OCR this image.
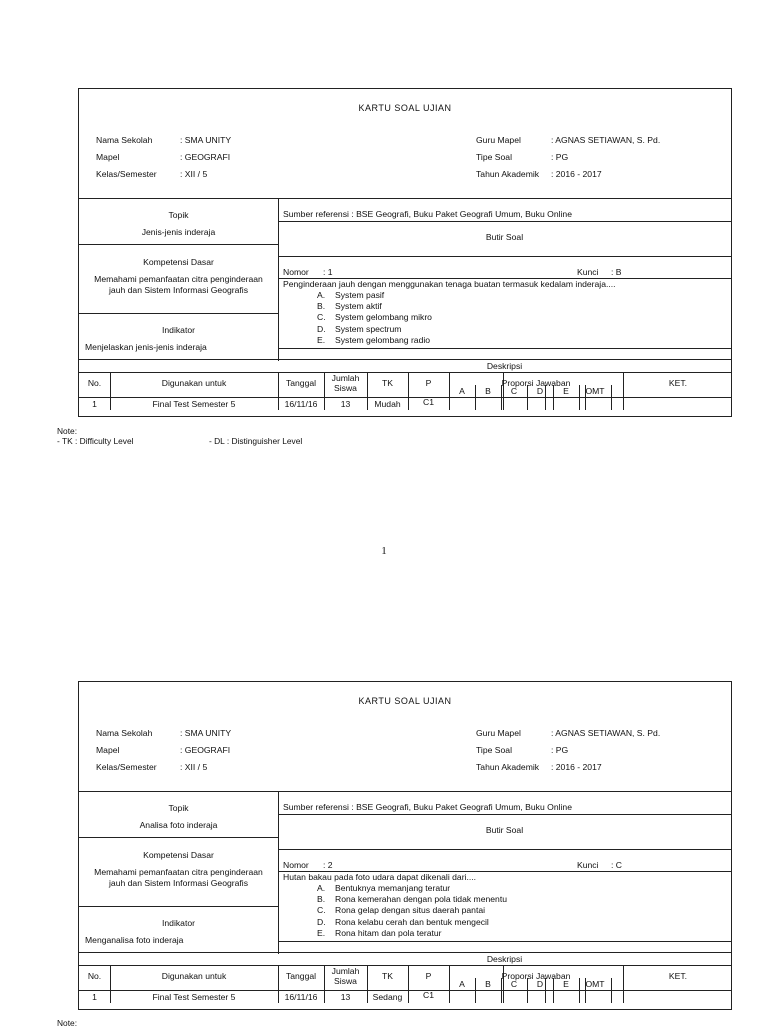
KARTU SOAL UJIAN
Nama Sekolah	: SMA UNITY
Mapel	: GEOGRAFI
Kelas/Semester	: XII / 5
Guru Mapel	: AGNAS SETIAWAN, S. Pd.
Tipe Soal	: PG
Tahun Akademik : 2016 - 2017
Topik
Jenis-jenis inderaja
Kompetensi Dasar
Memahami pemanfaatan citra penginderaan
jauh dan Sistem Informasi Geografis
Indikator
Menjelaskan jenis-jenis inderaja
Sumber referensi : BSE Geografi, Buku Paket Geografi Umum, Buku Online
Butir Soal
Nomor : 1	Kunci : B
Penginderaan jauh dengan menggunakan tenaga buatan termasuk kedalam inderaja....
A. System pasif
B. System aktif
C. System gelombang mikro
D. System spectrum
E. System gelombang radio
Deskripsi
No.	Digunakan untuk	Tanggal	Jumlah Siswa	TK	P	Proporsi Jawaban	KET.
A	B	C	D	E	OMT
1	Final Test Semester 5	16/11/16	13	Mudah	C1
KARTU SOAL UJIAN
Nama Sekolah	: SMA UNITY
Mapel	: GEOGRAFI
Kelas/Semester	: XII / 5
Guru Mapel	: AGNAS SETIAWAN, S. Pd.
Tipe Soal	: PG
Tahun Akademik : 2016 - 2017
Topik
Analisa foto inderaja
Kompetensi Dasar
Memahami pemanfaatan citra penginderaan
jauh dan Sistem Informasi Geografis
Indikator
Menganalisa foto inderaja
Sumber referensi : BSE Geografi, Buku Paket Geografi Umum, Buku Online
Butir Soal
Nomor : 2	Kunci : C
Hutan bakau pada foto udara dapat dikenali dari....
A. Bentuknya memanjang teratur
B. Rona kemerahan dengan pola tidak menentu
C. Rona gelap dengan situs daerah pantai
D. Rona kelabu cerah dan bentuk mengecil
E. Rona hitam dan pola teratur
Deskripsi
No.	Digunakan untuk	Tanggal	Jumlah Siswa	TK	P	Proporsi Jawaban	KET.
A	B	C	D	E	OMT
1	Final Test Semester 5	16/11/16	13	Sedang	C1
Note:
- TK : Difficulty Level	- DL : Distinguisher Level
1
Note:
